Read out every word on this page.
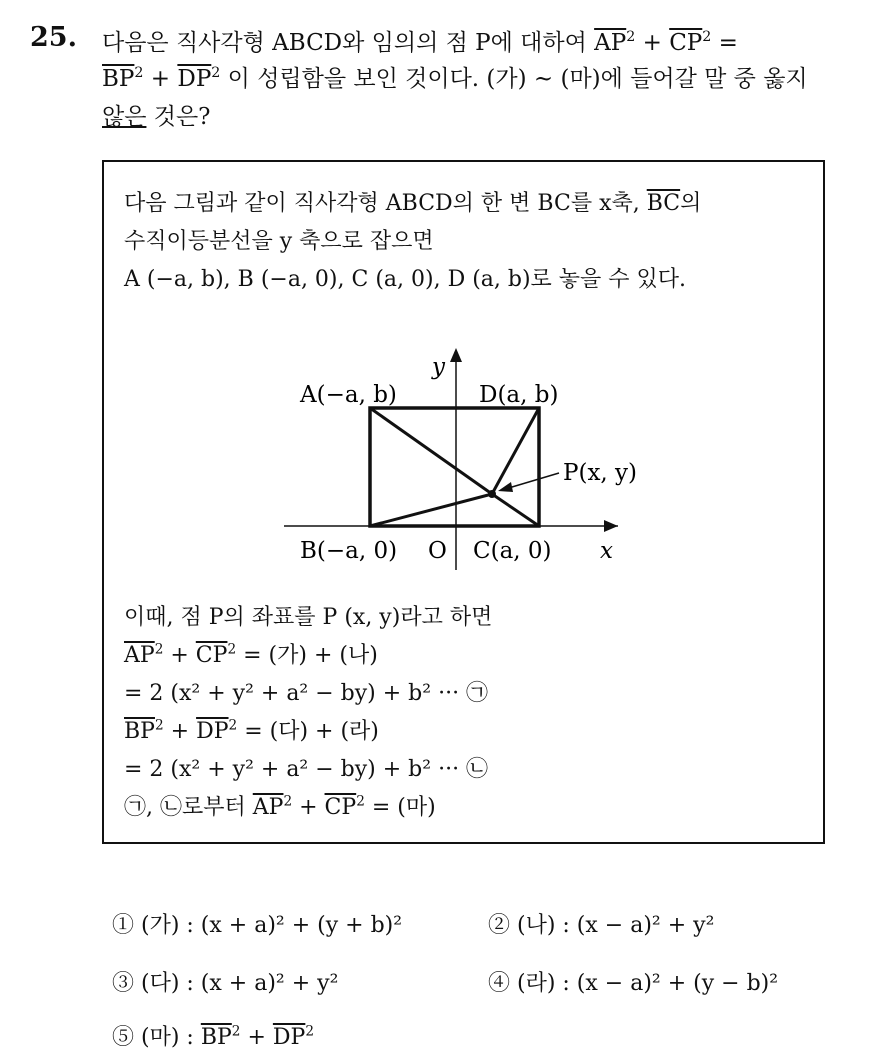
25. 다음은 직사각형 ABCD와 임의의 점 P에 대하여 $\overline{AP}^2 + \overline{CP}^2$ =
$\overline{BP}^2 + \overline{DP}^2$ 이 성립함을 보인 것이다. (가) ~ (마)에 들어갈 말 중 옳지
않은 것은?
다음 그림과 같이 직사각형 ABCD의 한 변 BC를 x축, $\overline{BC}$의
수직이등분선을 y 축으로 잡으면
A (−a, b), B (−a, 0), C (a, 0), D (a, b)로 놓을 수 있다.
A(−a, b)	D(a, b)
B(−a, 0) O C(a, 0)
P(x, y)
x
y
이때, 점 P의 좌표를 P (x, y)라고 하면
$\overline{AP}^2 + \overline{CP}^2$ = (가) + (나)
= 2 (x² + y² + a² − by) + b² ··· ㉠
$\overline{BP}^2 + \overline{DP}^2$ = (다) + (라)
= 2 (x² + y² + a² − by) + b² ··· ㉡
㉠, ㉡로부터 $\overline{AP}^2 + \overline{CP}^2$ = (마)
① (가) : (x + a)² + (y + b)²	② (나) : (x − a)² + y²
③ (다) : (x + a)² + y²	④ (라) : (x − a)² + (y − b)²
⑤ (마) : $\overline{BP}^2 + \overline{DP}^2$
